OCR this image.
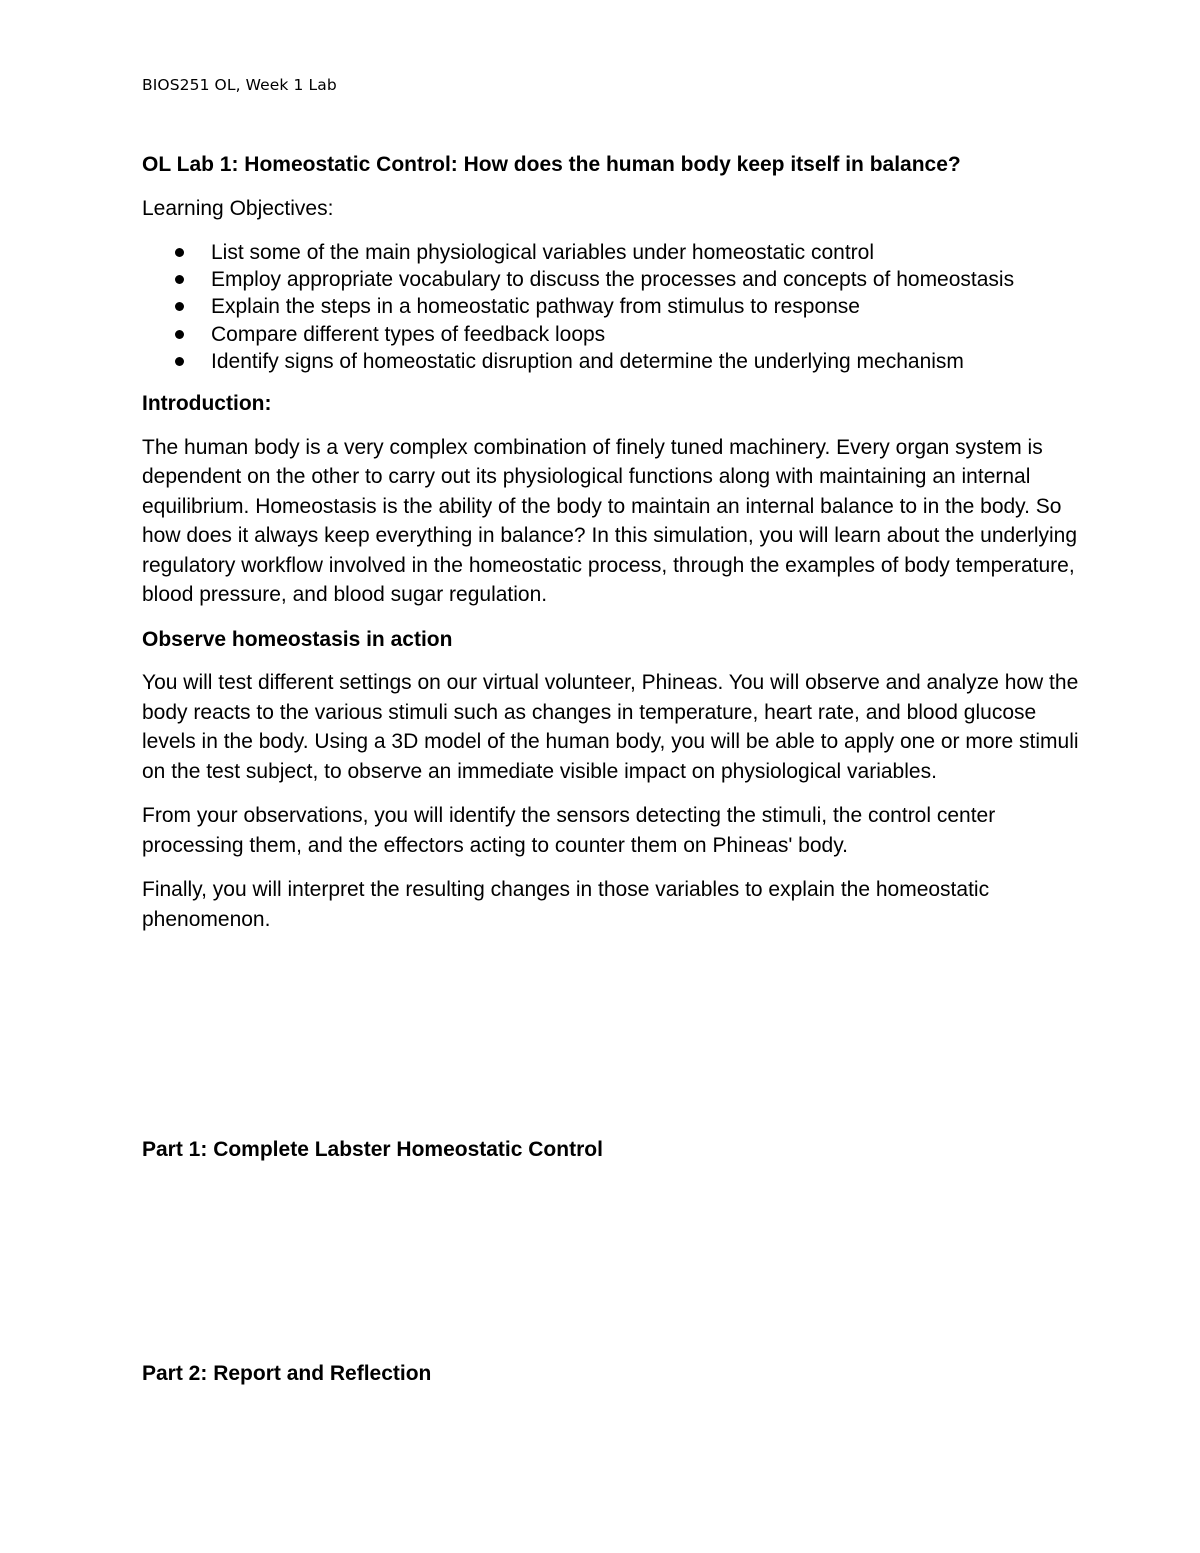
BIOS251 OL, Week 1 Lab

OL Lab 1: Homeostatic Control: How does the human body keep itself in balance?

Learning Objectives:

List some of the main physiological variables under homeostatic control
Employ appropriate vocabulary to discuss the processes and concepts of homeostasis
Explain the steps in a homeostatic pathway from stimulus to response
Compare different types of feedback loops
Identify signs of homeostatic disruption and determine the underlying mechanism

Introduction:

The human body is a very complex combination of finely tuned machinery. Every organ system is dependent on the other to carry out its physiological functions along with maintaining an internal equilibrium. Homeostasis is the ability of the body to maintain an internal balance to in the body. So how does it always keep everything in balance? In this simulation, you will learn about the underlying regulatory workflow involved in the homeostatic process, through the examples of body temperature, blood pressure, and blood sugar regulation.

Observe homeostasis in action

You will test different settings on our virtual volunteer, Phineas. You will observe and analyze how the body reacts to the various stimuli such as changes in temperature, heart rate, and blood glucose levels in the body. Using a 3D model of the human body, you will be able to apply one or more stimuli on the test subject, to observe an immediate visible impact on physiological variables.

From your observations, you will identify the sensors detecting the stimuli, the control center processing them, and the effectors acting to counter them on Phineas' body.

Finally, you will interpret the resulting changes in those variables to explain the homeostatic phenomenon.

Part 1: Complete Labster Homeostatic Control

Part 2: Report and Reflection
